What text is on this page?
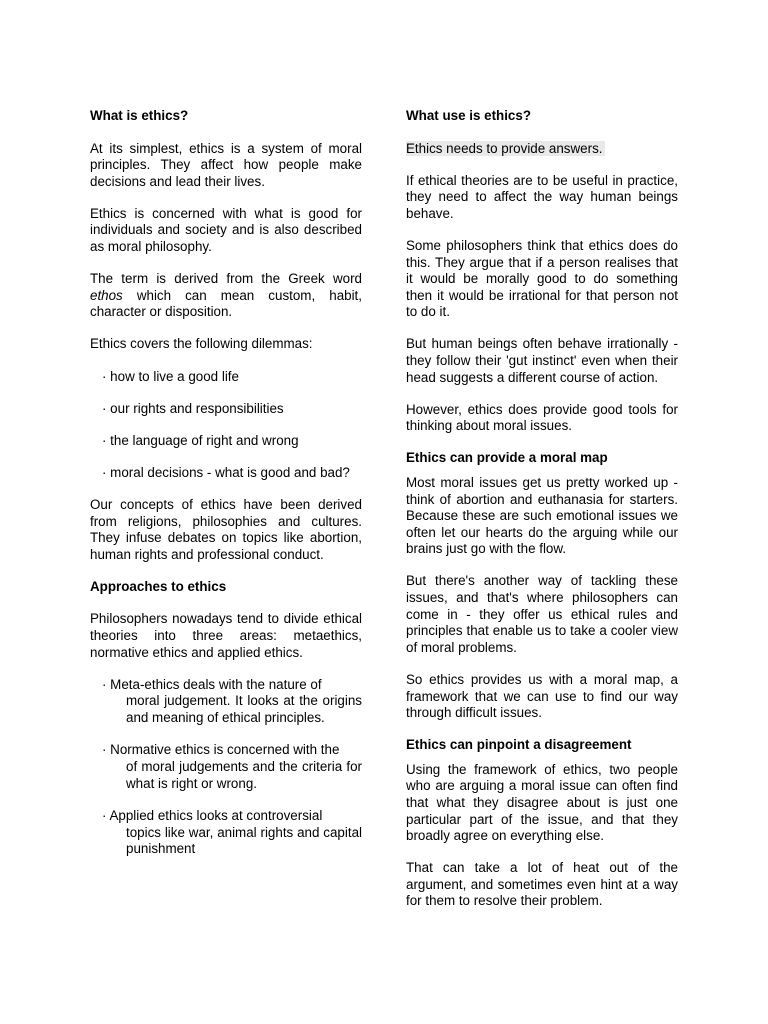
What is ethics?

At its simplest, ethics is a system of moral principles. They affect how people make decisions and lead their lives.

Ethics is concerned with what is good for individuals and society and is also described as moral philosophy.

The term is derived from the Greek word ethos which can mean custom, habit, character or disposition.

Ethics covers the following dilemmas:

· how to live a good life
· our rights and responsibilities
· the language of right and wrong
· moral decisions - what is good and bad?

Our concepts of ethics have been derived from religions, philosophies and cultures. They infuse debates on topics like abortion, human rights and professional conduct.

Approaches to ethics

Philosophers nowadays tend to divide ethical theories into three areas: metaethics, normative ethics and applied ethics.

· Meta-ethics deals with the nature of
moral judgement. It looks at the origins and meaning of ethical principles.
· Normative ethics is concerned with the
of moral judgements and the criteria for what is right or wrong.
· Applied ethics looks at controversial
topics like war, animal rights and capital punishment
What use is ethics?

Ethics needs to provide answers.

If ethical theories are to be useful in practice, they need to affect the way human beings behave.

Some philosophers think that ethics does do this. They argue that if a person realises that it would be morally good to do something then it would be irrational for that person not to do it.

But human beings often behave irrationally - they follow their 'gut instinct' even when their head suggests a different course of action.

However, ethics does provide good tools for thinking about moral issues.

Ethics can provide a moral map

Most moral issues get us pretty worked up - think of abortion and euthanasia for starters. Because these are such emotional issues we often let our hearts do the arguing while our brains just go with the flow.

But there's another way of tackling these issues, and that's where philosophers can come in - they offer us ethical rules and principles that enable us to take a cooler view of moral problems.

So ethics provides us with a moral map, a framework that we can use to find our way through difficult issues.

Ethics can pinpoint a disagreement

Using the framework of ethics, two people who are arguing a moral issue can often find that what they disagree about is just one particular part of the issue, and that they broadly agree on everything else.

That can take a lot of heat out of the argument, and sometimes even hint at a way for them to resolve their problem.
